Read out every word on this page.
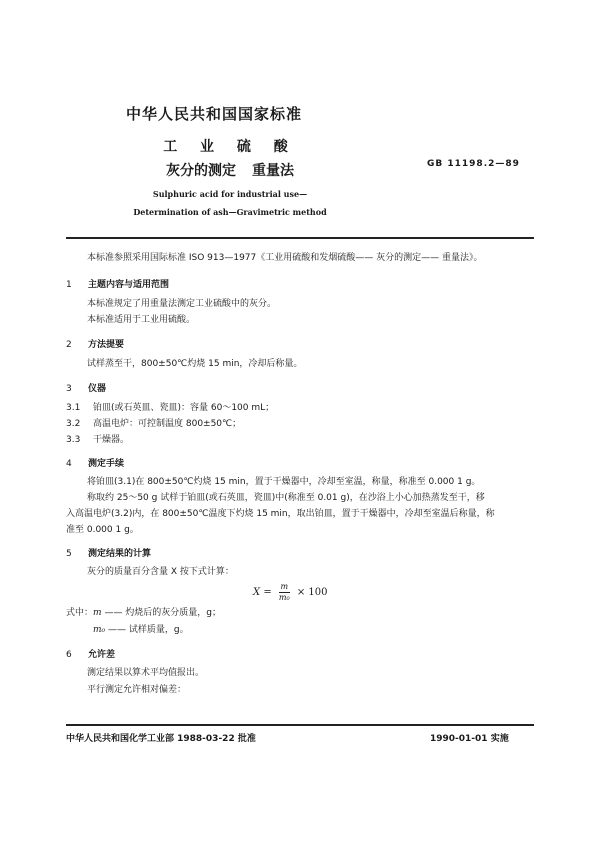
中华人民共和国国家标准
工 业 硫 酸
灰分的测定 重量法	GB 11198.2—89
Sulphuric acid for industrial use—
Determination of ash—Gravimetric method
本标准参照采用国际标准 ISO 913—1977《工业用硫酸和发烟硫酸—— 灰分的测定—— 重量法》。
1 主题内容与适用范围
本标准规定了用重量法测定工业硫酸中的灰分。
本标准适用于工业用硫酸。
2 方法提要
试样蒸至干，800±50℃灼烧 15 min，冷却后称量。
3 仪器
3.1 铂皿(或石英皿、瓷皿)：容量 60～100 mL；
3.2 高温电炉：可控制温度 800±50℃；
3.3 干燥器。
4 测定手续
将铂皿(3.1)在 800±50℃灼烧 15 min，置于干燥器中，冷却至室温，称量，称准至 0.000 1 g。
称取约 25～50 g 试样于铂皿(或石英皿，瓷皿)中(称准至 0.01 g)，在沙浴上小心加热蒸发至干，移
入高温电炉(3.2)内，在 800±50℃温度下灼烧 15 min，取出铂皿，置于干燥器中，冷却至室温后称量，称
准至 0.000 1 g。
5 测定结果的计算
灰分的质量百分含量 X 按下式计算：
$X = \frac{m}{\text{m₀}} \times 100$
式中：m —— 灼烧后的灰分质量，g；
m₀ —— 试样质量，g。
6 允许差
测定结果以算术平均值报出。
平行测定允许相对偏差：
中华人民共和国化学工业部 1988-03-22 批准	1990-01-01 实施
